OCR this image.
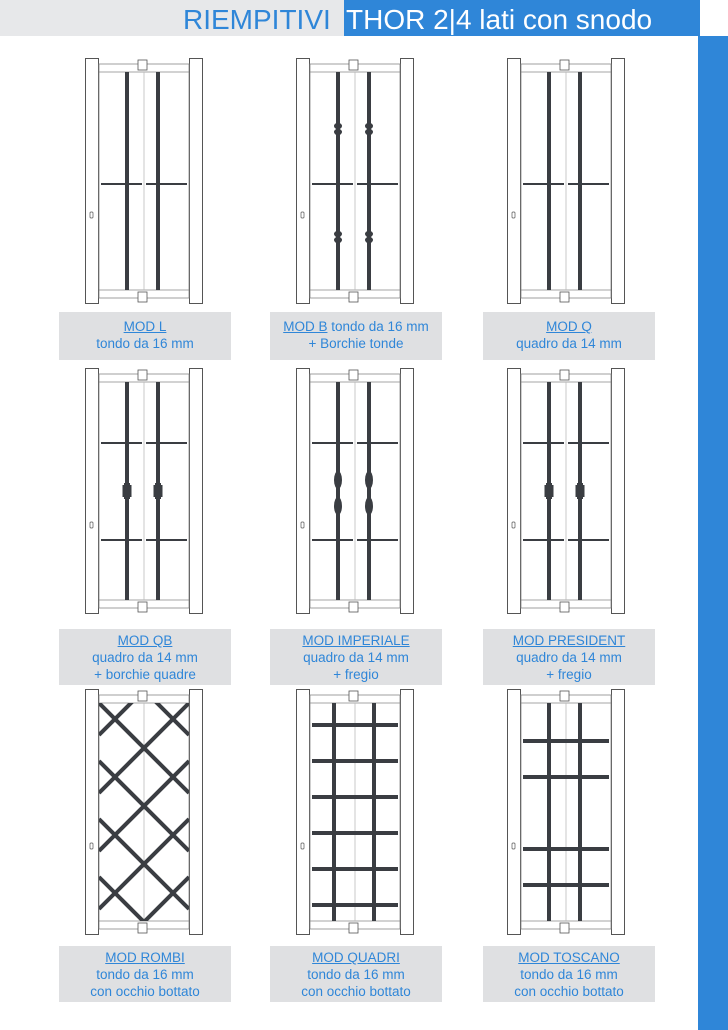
RIEMPITIVI THOR 2|4 lati con snodo
MOD L
tondo da 16 mm
MOD B tondo da 16 mm
+ Borchie tonde
MOD Q
quadro da 14 mm
MOD QB
quadro da 14 mm
+ borchie quadre
MOD IMPERIALE
quadro da 14 mm
+ fregio
MOD PRESIDENT
quadro da 14 mm
+ fregio
MOD ROMBI
tondo da 16 mm
con occhio bottato
MOD QUADRI
tondo da 16 mm
con occhio bottato
MOD TOSCANO
tondo da 16 mm
con occhio bottato
